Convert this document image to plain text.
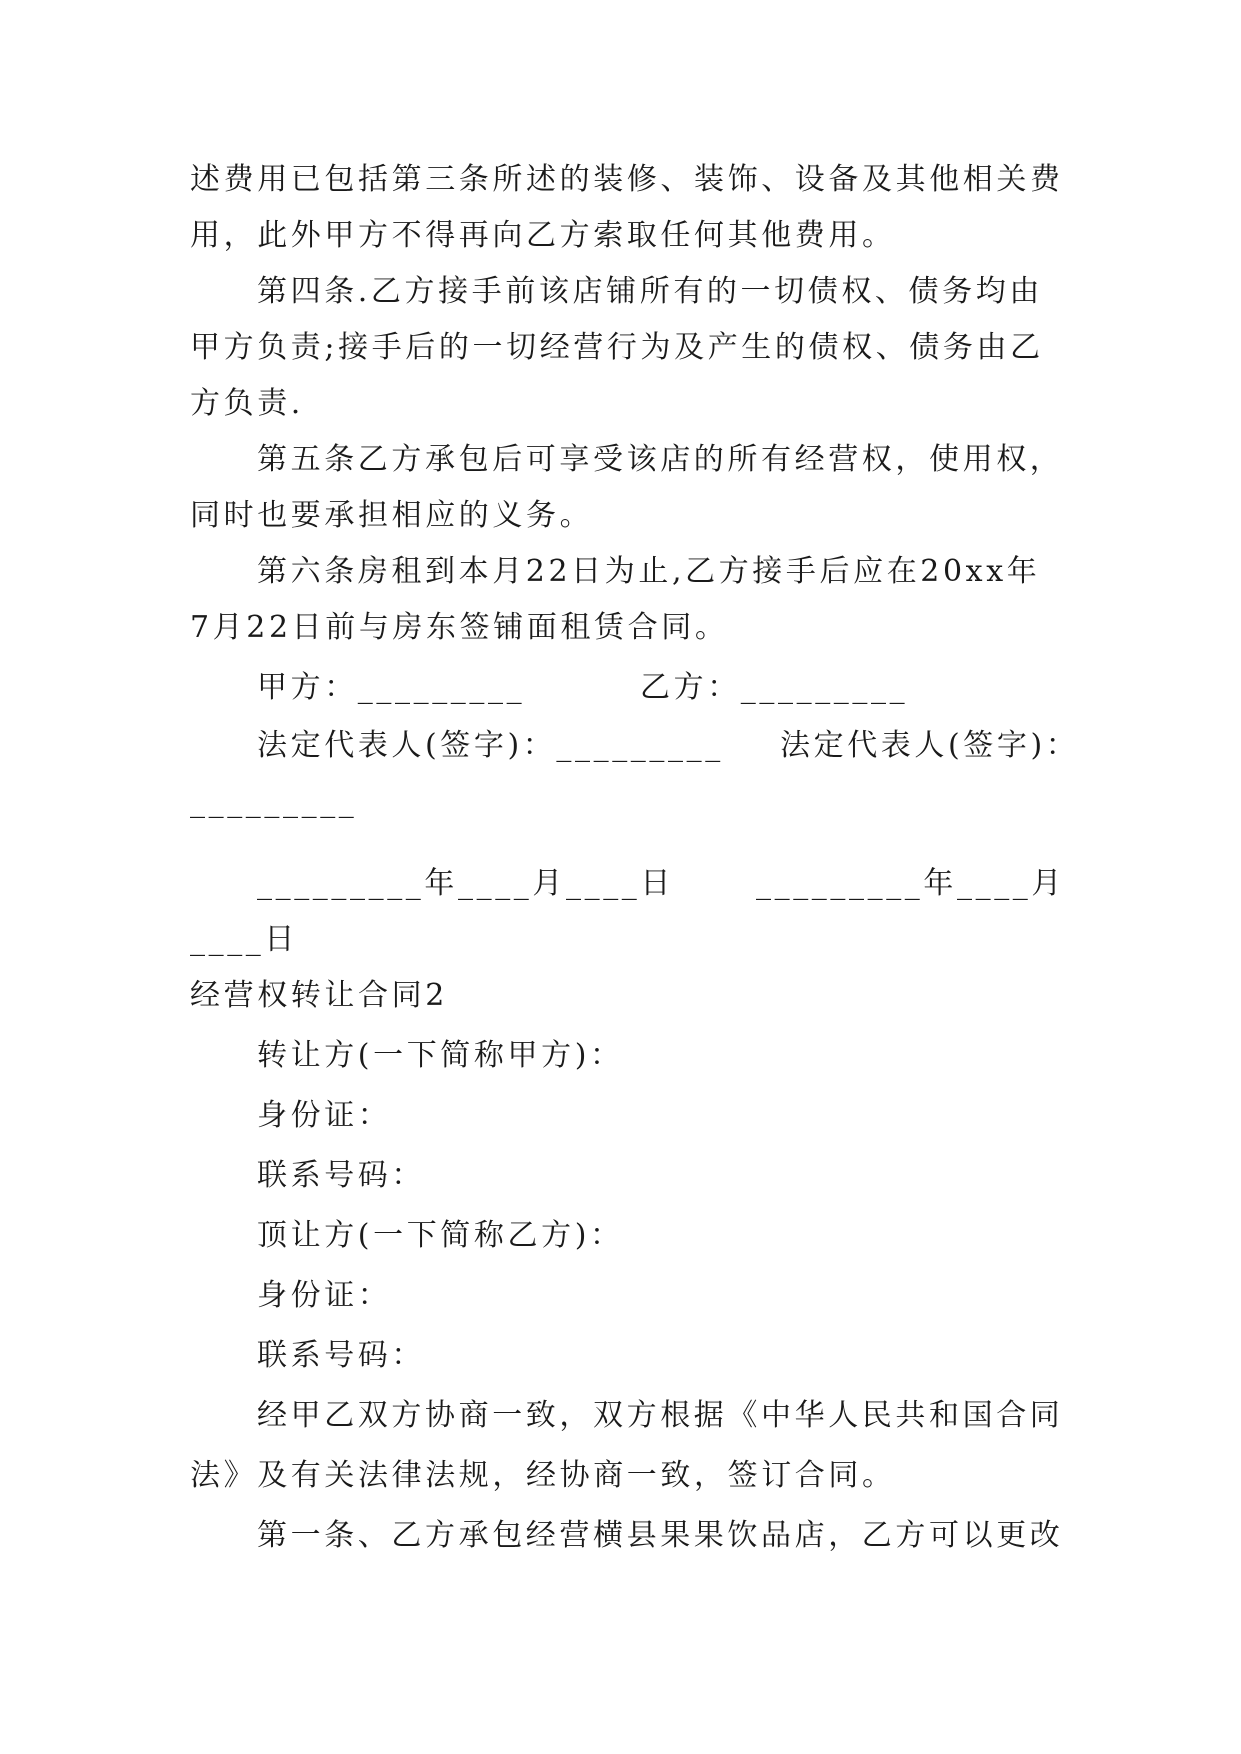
述费用已包括第三条所述的装修、装饰、设备及其他相关费
用，此外甲方不得再向乙方索取任何其他费用。
第四条.乙方接手前该店铺所有的一切债权、债务均由
甲方负责;接手后的一切经营行为及产生的债权、债务由乙
方负责.
第五条乙方承包后可享受该店的所有经营权，使用权，
同时也要承担相应的义务。
第六条房租到本月22日为止,乙方接手后应在20xx年
7月22日前与房东签铺面租赁合同。
甲方：_________	乙方：_________
法定代表人(签字)：_________ 法定代表人(签字)：
_________
_________年____月____日	_________年____月
____日
经营权转让合同2
转让方(一下简称甲方)：
身份证：
联系号码：
顶让方(一下简称乙方)：
身份证：
联系号码：
经甲乙双方协商一致，双方根据《中华人民共和国合同
法》及有关法律法规，经协商一致，签订合同。
第一条、乙方承包经营横县果果饮品店，乙方可以更改
